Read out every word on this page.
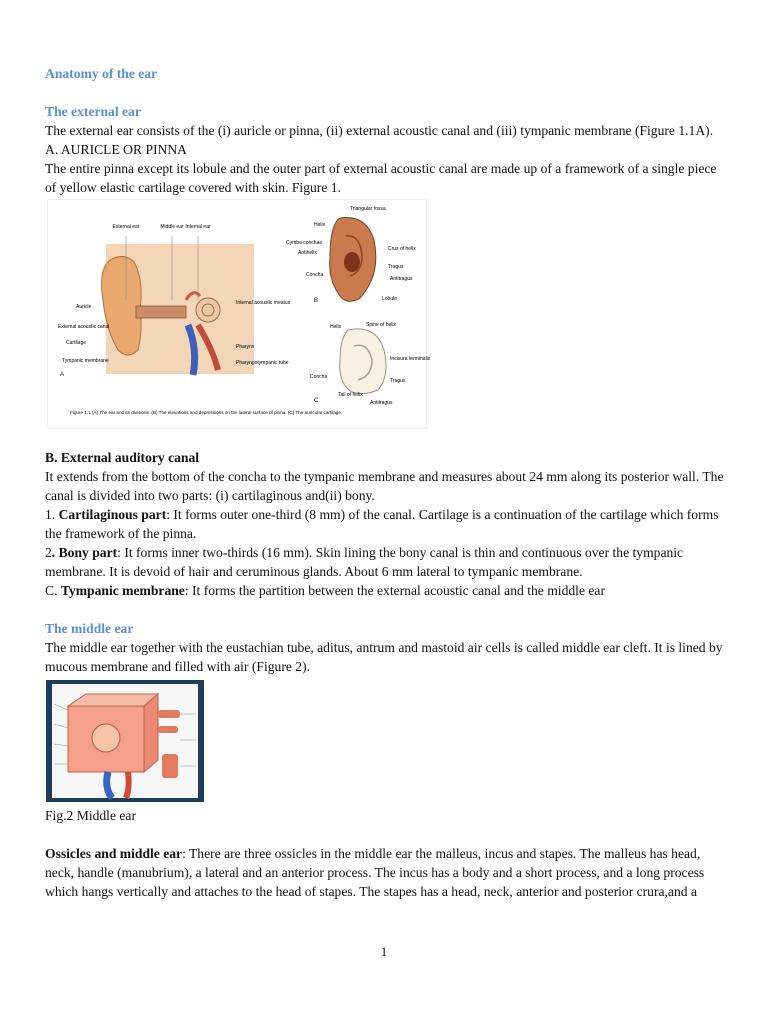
Anatomy of the ear

The external ear

The external ear consists of the (i) auricle or pinna, (ii) external acoustic canal and (iii) tympanic membrane (Figure 1.1A).

A. AURICLE OR PINNA

The entire pinna except its lobule and the outer part of external acoustic canal are made up of a framework of a single piece of yellow elastic cartilage covered with skin. Figure 1.

External ear	Middle ear Internal ear
Auricle
External acoustic canal
Cartilage
Tympanic membrane
A
Internal acoustic meatus
Pharynx
Pharyngotympanic tube
Triangular fossa
Helix
Cymba conchae
Antihelix
Concha
Crus of helix
Tragus
Antitragus
Lobule
B
Helix	Spine of helix
Incisura terminalis
Concha
Tragus
Tail of helix
Antitragus
C
Figure 1.1 (A) The ear and its divisions. (B) The elevations and depressions on the lateral surface of pinna. (C) The auricular cartilage.

B. External auditory canal

It extends from the bottom of the concha to the tympanic membrane and measures about 24 mm along its posterior wall. The canal is divided into two parts: (i) cartilaginous and(ii) bony.

1. Cartilaginous part: It forms outer one-third (8 mm) of the canal. Cartilage is a continuation of the cartilage which forms the framework of the pinna.

2. Bony part: It forms inner two-thirds (16 mm). Skin lining the bony canal is thin and continuous over the tympanic membrane. It is devoid of hair and ceruminous glands. About 6 mm lateral to tympanic membrane.

C. Tympanic membrane: It forms the partition between the external acoustic canal and the middle ear

The middle ear

The middle ear together with the eustachian tube, aditus, antrum and mastoid air cells is called middle ear cleft. It is lined by mucous membrane and filled with air (Figure 2).

Fig.2 Middle ear

Ossicles and middle ear: There are three ossicles in the middle ear the malleus, incus and stapes. The malleus has head, neck, handle (manubrium), a lateral and an anterior process. The incus has a body and a short process, and a long process which hangs vertically and attaches to the head of stapes. The stapes has a head, neck, anterior and posterior crura,and a

1
